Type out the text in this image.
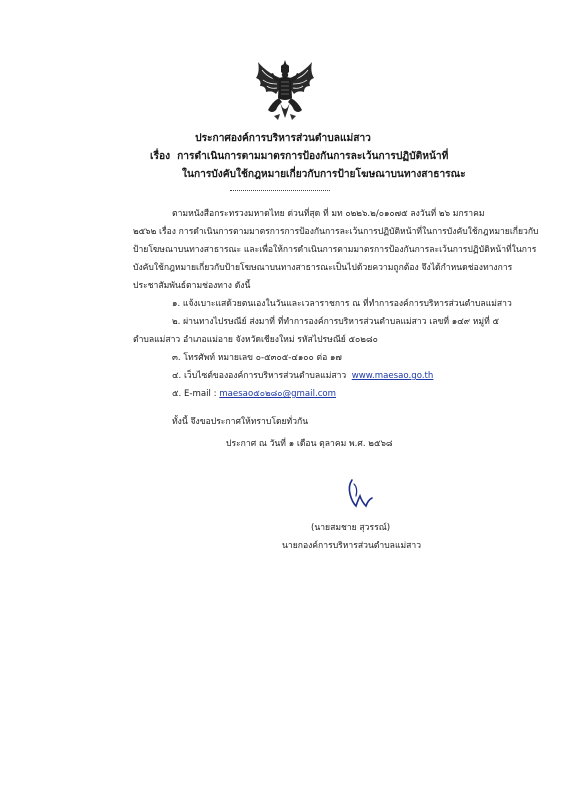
ประกาศองค์การบริหารส่วนตำบลแม่สาว
เรื่อง การดำเนินการตามมาตรการป้องกันการละเว้นการปฏิบัติหน้าที่
ในการบังคับใช้กฎหมายเกี่ยวกับการป้ายโฆษณาบนทางสาธารณะ
ตามหนังสือกระทรวงมหาดไทย ด่วนที่สุด ที่ มท ๐๒๒๖.๒/๐๑๐๗๕ ลงวันที่ ๒๖ มกราคม
๒๕๖๒ เรื่อง การดำเนินการตามมาตรการการป้องกันการละเว้นการปฏิบัติหน้าที่ในการบังคับใช้กฎหมายเกี่ยวกับ
ป้ายโฆษณาบนทางสาธารณะ และเพื่อให้การดำเนินการตามมาตรการป้องกันการละเว้นการปฏิบัติหน้าที่ในการ
บังคับใช้กฎหมายเกี่ยวกับป้ายโฆษณาบนทางสาธารณะเป็นไปด้วยความถูกต้อง จึงได้กำหนดช่องทางการ
ประชาสัมพันธ์ตามช่องทาง ดังนี้
๑. แจ้งเบาะแสด้วยตนเองในวันและเวลาราชการ ณ ที่ทำการองค์การบริหารส่วนตำบลแม่สาว
๒. ผ่านทางไปรษณีย์ ส่งมาที่ ที่ทำการองค์การบริหารส่วนตำบลแม่สาว เลขที่ ๑๔๙ หมู่ที่ ๕
ตำบลแม่สาว อำเภอแม่อาย จังหวัดเชียงใหม่ รหัสไปรษณีย์ ๕๐๒๘๐
๓. โทรศัพท์ หมายเลข ๐-๕๓๐๕-๔๑๐๐ ต่อ ๑๗
๔. เว็บไซต์ขององค์การบริหารส่วนตำบลแม่สาว www.maesao.go.th
๕. E-mail : maesao๕๐๒๘๐@gmail.com
ทั้งนี้ จึงขอประกาศให้ทราบโดยทั่วกัน
ประกาศ ณ วันที่ ๑ เดือน ตุลาคม พ.ศ. ๒๕๖๘
(นายสมชาย สุวรรณ์)
นายกองค์การบริหารส่วนตำบลแม่สาว
